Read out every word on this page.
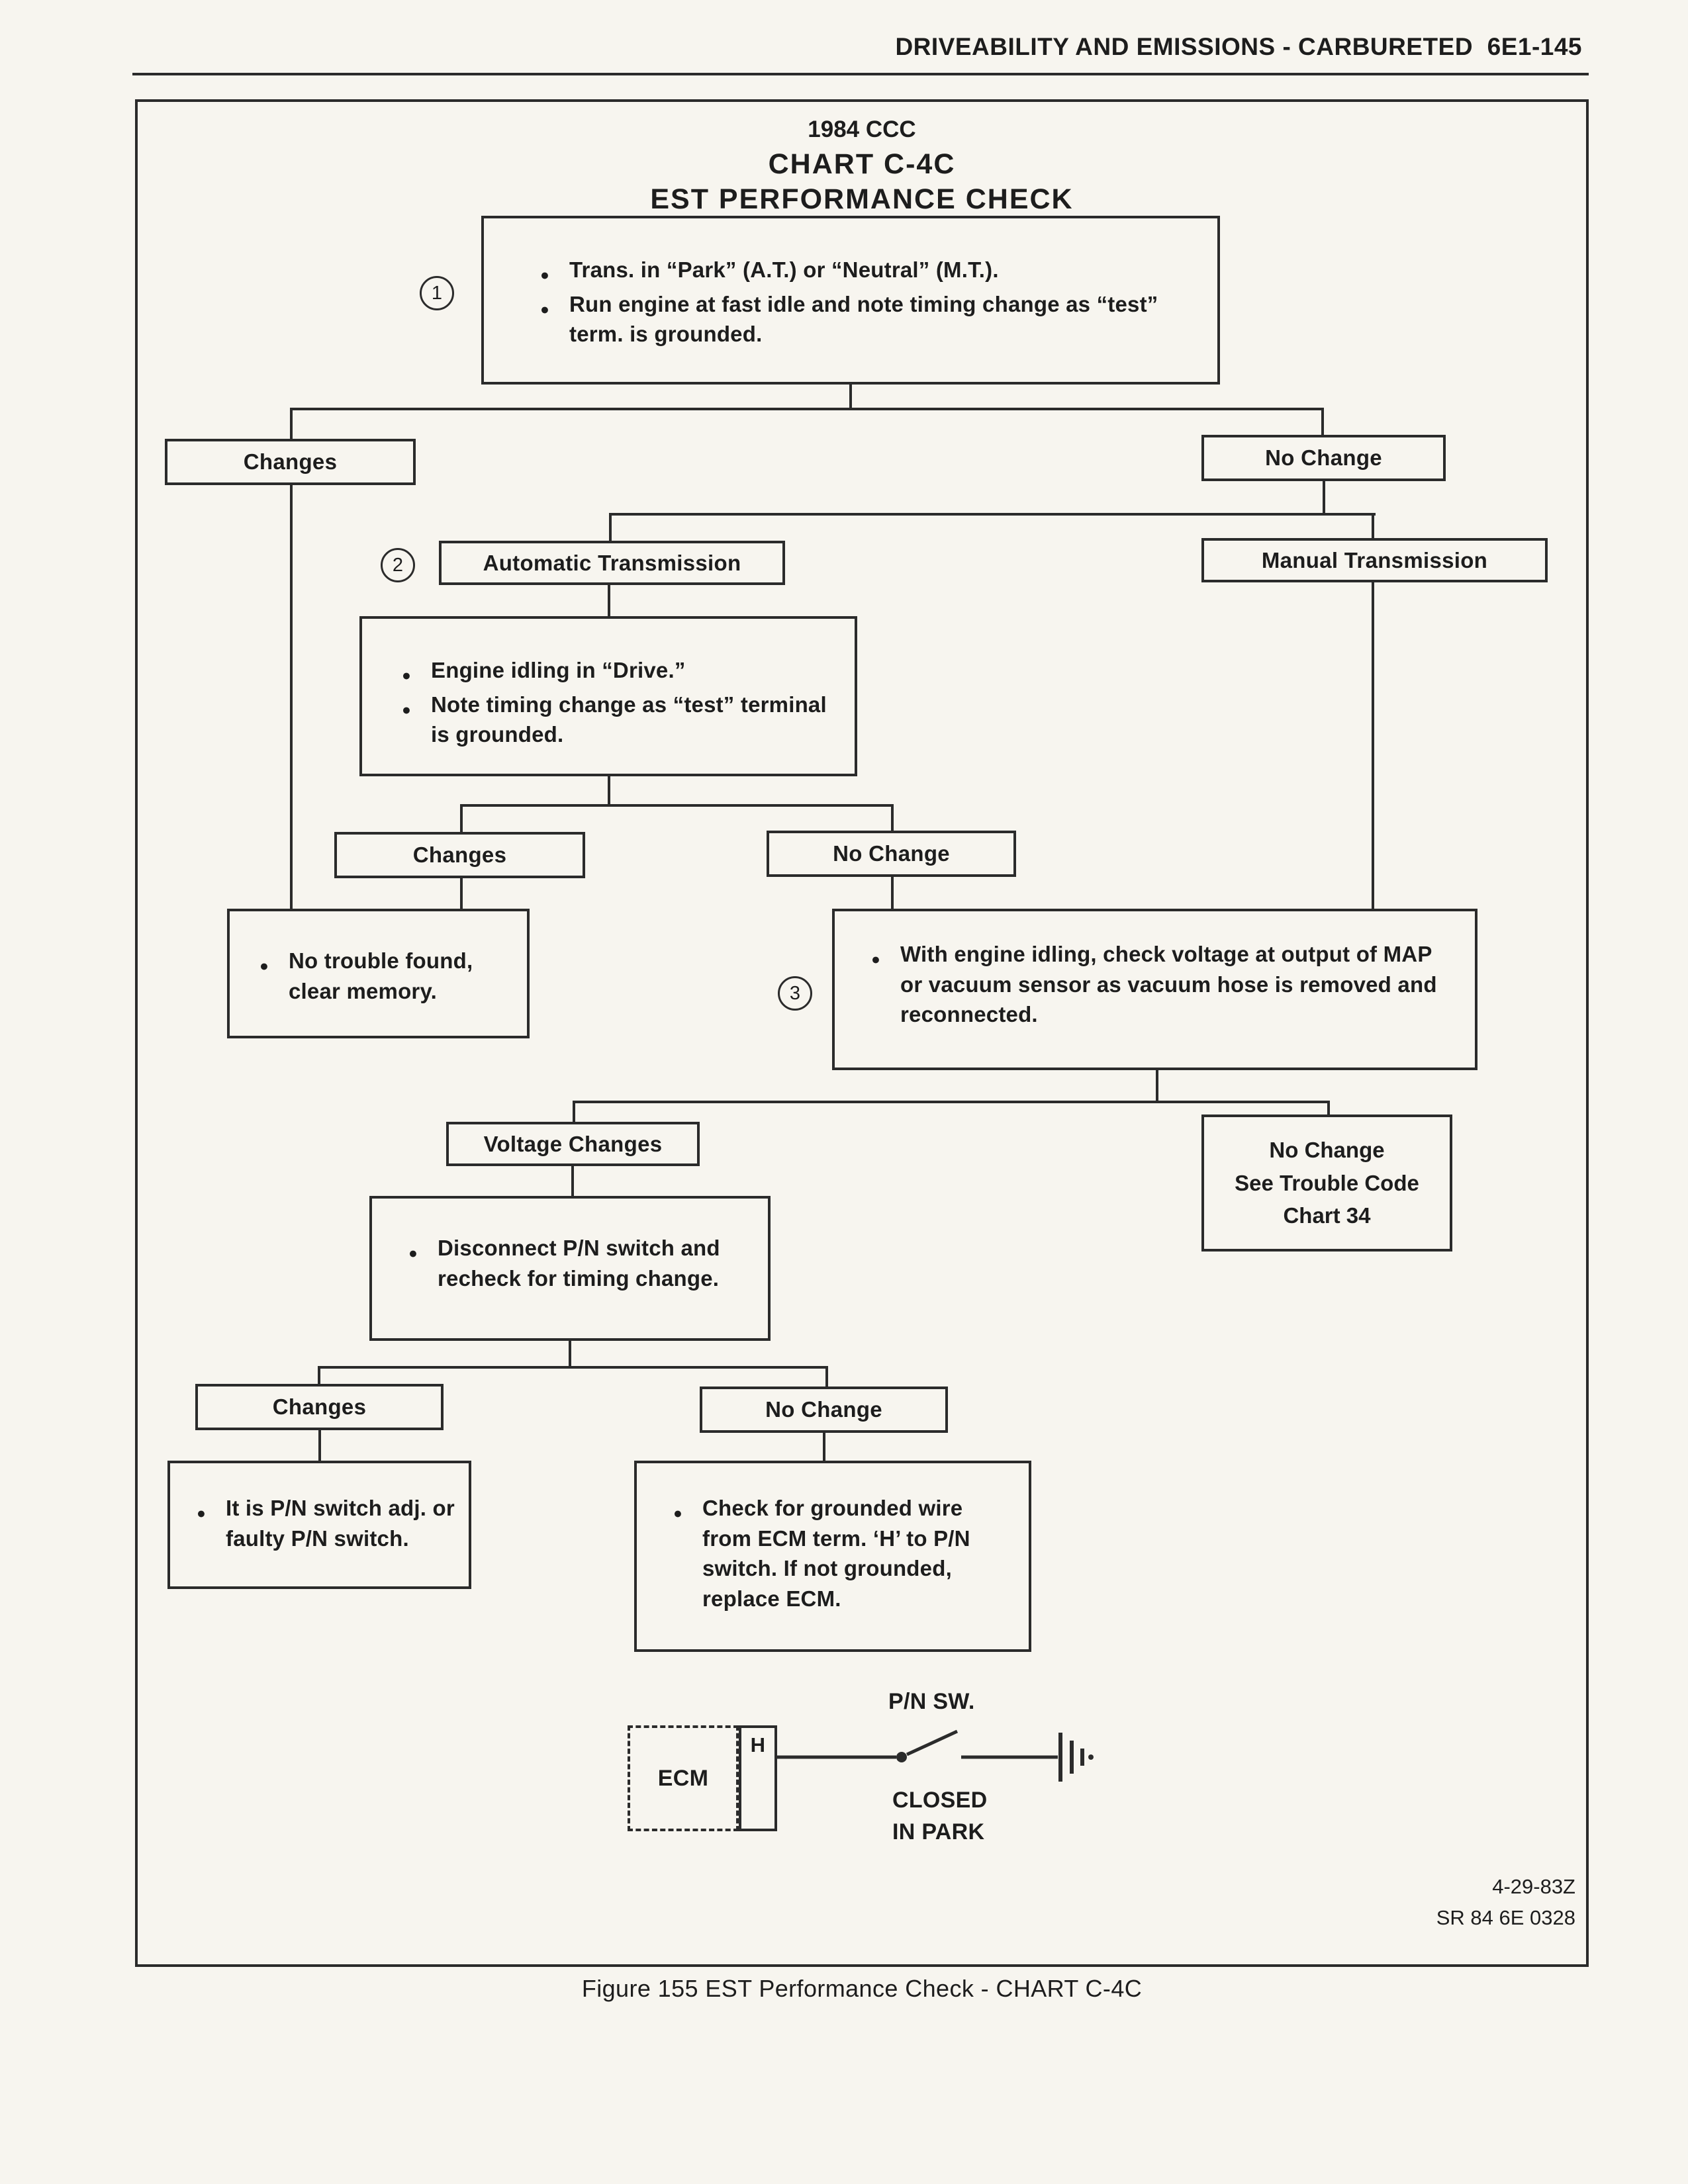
DRIVEABILITY AND EMISSIONS - CARBURETED  6E1-145
1984 CCC
CHART C-4C
EST PERFORMANCE CHECK
●
Trans. in “Park” (A.T.) or “Neutral” (M.T.).
●
Run engine at fast idle and note timing change as “test” term. is grounded.
1
Changes	No Change
Automatic Transmission
2	Manual Transmission
●
Engine idling in “Drive.”
●
Note timing change as “test” terminal is grounded.
Changes	No Change
●
No trouble found, clear memory.
●
With engine idling, check voltage at output of MAP or vacuum sensor as vacuum hose is removed and reconnected.
3
Voltage Changes	No Change
See Trouble Code
Chart 34
●
Disconnect P/N switch and recheck for timing change.
Changes	No Change
●
It is P/N switch adj. or faulty P/N switch.
●
Check for grounded wire from ECM term. ‘H’ to P/N switch. If not grounded, replace ECM.
ECM
H
P/N SW.
CLOSED
IN PARK
4-29-83Z
SR 84 6E 0328
Figure 155 EST Performance Check - CHART C-4C
